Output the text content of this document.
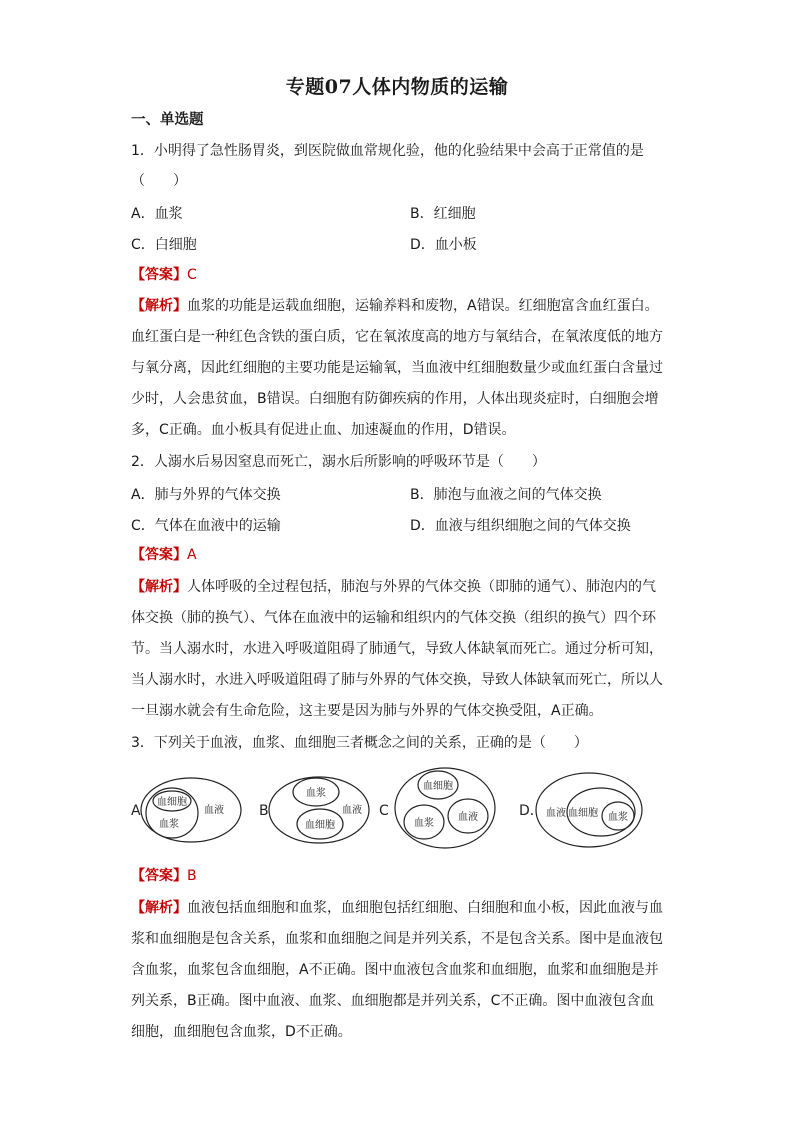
专题07人体内物质的运输
一、单选题
1．小明得了急性肠胃炎，到医院做血常规化验，他的化验结果中会高于正常值的是
（　　）
A．血浆	B．红细胞
C．白细胞	D．血小板
【答案】C
【解析】血浆的功能是运载血细胞，运输养料和废物，A错误。红细胞富含血红蛋白。
血红蛋白是一种红色含铁的蛋白质，它在氧浓度高的地方与氧结合，在氧浓度低的地方
与氧分离，因此红细胞的主要功能是运输氧，当血液中红细胞数量少或血红蛋白含量过
少时，人会患贫血，B错误。白细胞有防御疾病的作用，人体出现炎症时，白细胞会增
多，C正确。血小板具有促进止血、加速凝血的作用，D错误。
2．人溺水后易因窒息而死亡，溺水后所影响的呼吸环节是（　　）
A．肺与外界的气体交换	B．肺泡与血液之间的气体交换
C．气体在血液中的运输	D．血液与组织细胞之间的气体交换
【答案】A
【解析】人体呼吸的全过程包括，肺泡与外界的气体交换（即肺的通气）、肺泡内的气
体交换（肺的换气）、气体在血液中的运输和组织内的气体交换（组织的换气）四个环
节。当人溺水时，水进入呼吸道阻碍了肺通气，导致人体缺氧而死亡。通过分析可知，
当人溺水时，水进入呼吸道阻碍了肺与外界的气体交换，导致人体缺氧而死亡，所以人
一旦溺水就会有生命危险，这主要是因为肺与外界的气体交换受阻，A正确。
3．下列关于血液，血浆、血细胞三者概念之间的关系，正确的是（　　）
A	B	C	D．
血细胞
血浆
血液
血浆
血细胞
血液
血细胞
血液
血浆
血液 血细胞 血浆
【答案】B
【解析】血液包括血细胞和血浆，血细胞包括红细胞、白细胞和血小板，因此血液与血
浆和血细胞是包含关系，血浆和血细胞之间是并列关系，不是包含关系。图中是血液包
含血浆，血浆包含血细胞，A不正确。图中血液包含血浆和血细胞，血浆和血细胞是并
列关系，B正确。图中血液、血浆、血细胞都是并列关系，C不正确。图中血液包含血
细胞，血细胞包含血浆，D不正确。
